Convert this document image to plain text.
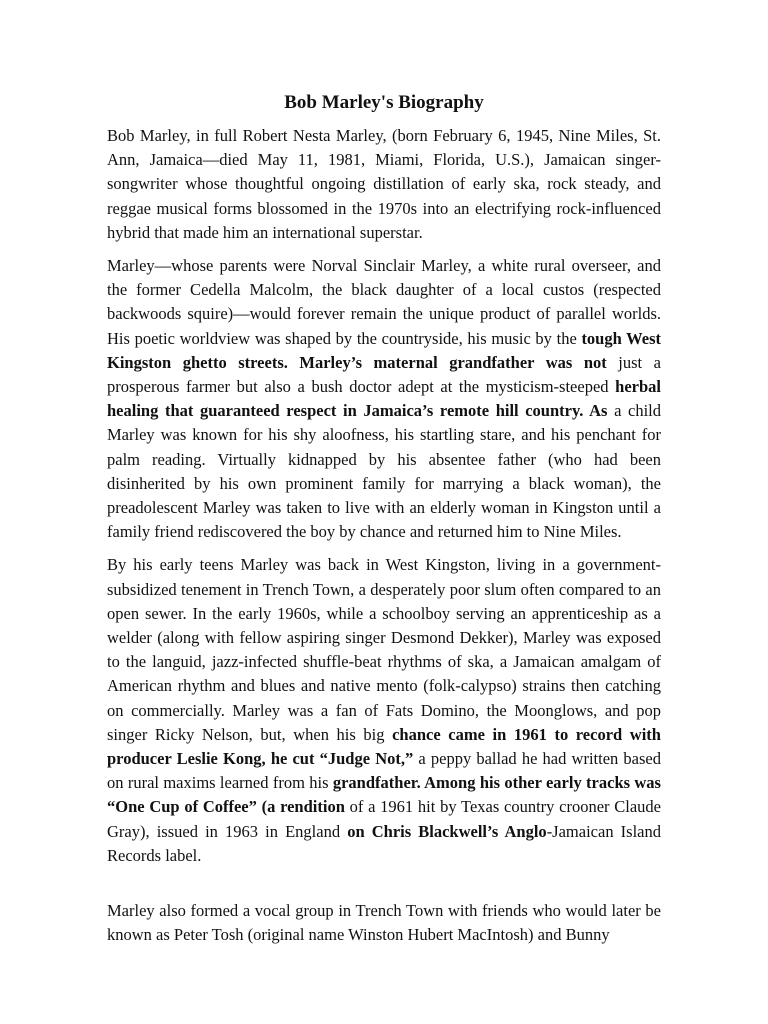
Bob Marley's Biography

Bob Marley, in full Robert Nesta Marley, (born February 6, 1945, Nine Miles, St. Ann, Jamaica—died May 11, 1981, Miami, Florida, U.S.), Jamaican singer-songwriter whose thoughtful ongoing distillation of early ska, rock steady, and reggae musical forms blossomed in the 1970s into an electrifying rock-influenced hybrid that made him an international superstar.

Marley—whose parents were Norval Sinclair Marley, a white rural overseer, and the former Cedella Malcolm, the black daughter of a local custos (respected backwoods squire)—would forever remain the unique product of parallel worlds. His poetic worldview was shaped by the countryside, his music by the tough West Kingston ghetto streets. Marley’s maternal grandfather was not just a prosperous farmer but also a bush doctor adept at the mysticism-steeped herbal healing that guaranteed respect in Jamaica’s remote hill country. As a child Marley was known for his shy aloofness, his startling stare, and his penchant for palm reading. Virtually kidnapped by his absentee father (who had been disinherited by his own prominent family for marrying a black woman), the preadolescent Marley was taken to live with an elderly woman in Kingston until a family friend rediscovered the boy by chance and returned him to Nine Miles.

By his early teens Marley was back in West Kingston, living in a government-subsidized tenement in Trench Town, a desperately poor slum often compared to an open sewer. In the early 1960s, while a schoolboy serving an apprenticeship as a welder (along with fellow aspiring singer Desmond Dekker), Marley was exposed to the languid, jazz-infected shuffle-beat rhythms of ska, a Jamaican amalgam of American rhythm and blues and native mento (folk-calypso) strains then catching on commercially. Marley was a fan of Fats Domino, the Moonglows, and pop singer Ricky Nelson, but, when his big chance came in 1961 to record with producer Leslie Kong, he cut “Judge Not,” a peppy ballad he had written based on rural maxims learned from his grandfather. Among his other early tracks was “One Cup of Coffee” (a rendition of a 1961 hit by Texas country crooner Claude Gray), issued in 1963 in England on Chris Blackwell’s Anglo-Jamaican Island Records label.

Marley also formed a vocal group in Trench Town with friends who would later be known as Peter Tosh (original name Winston Hubert MacIntosh) and Bunny
